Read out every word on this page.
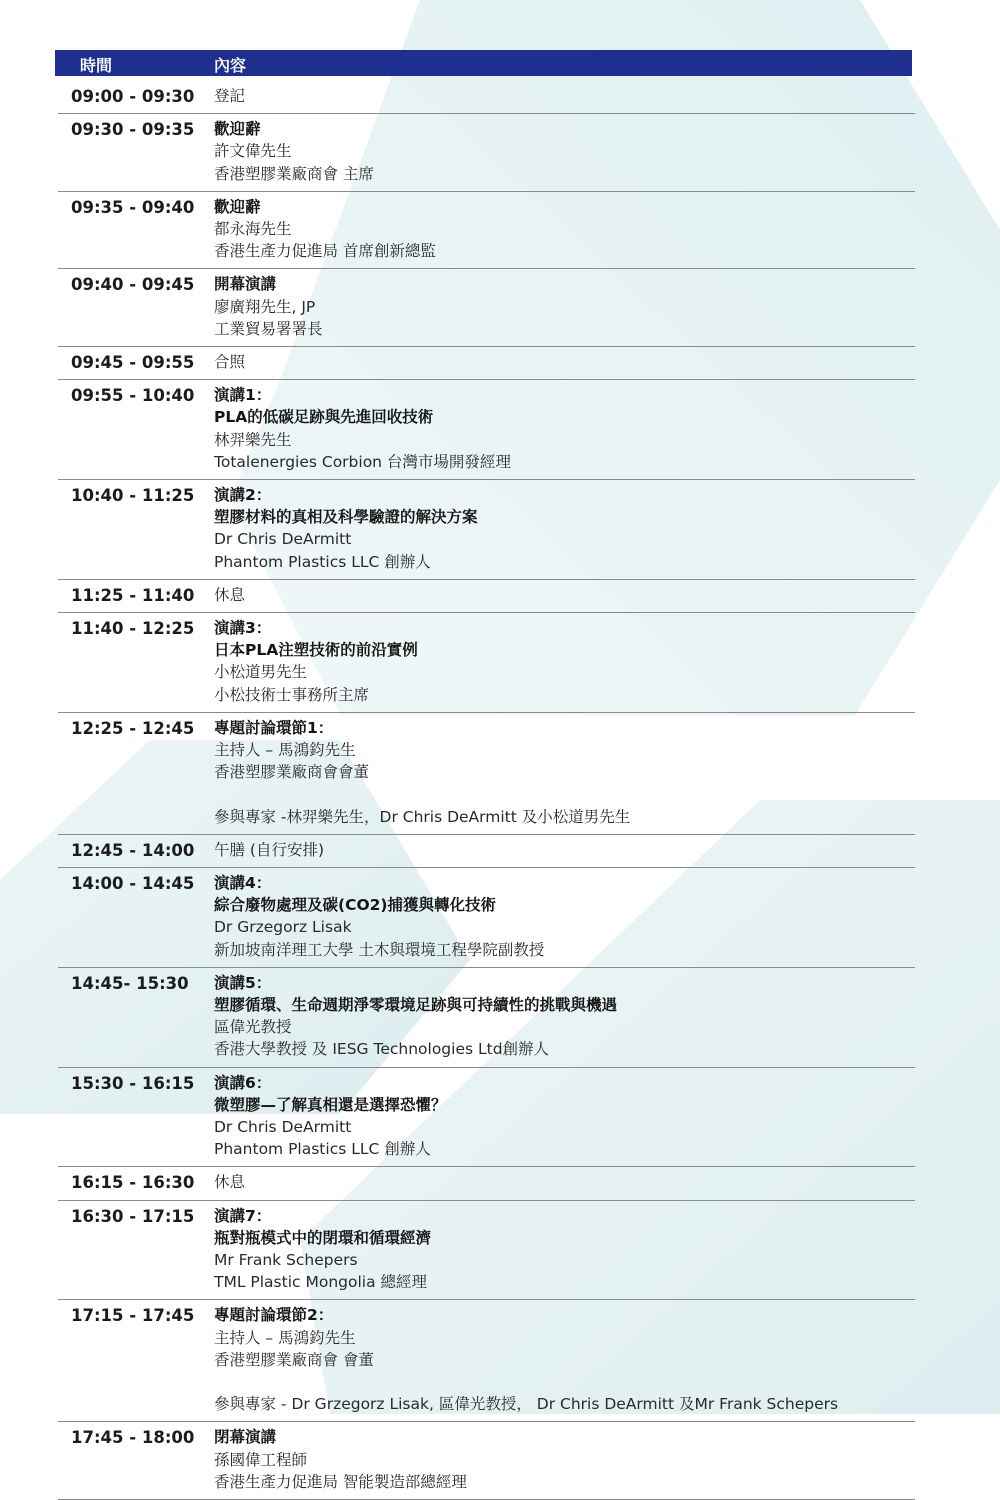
時間	內容
09:00 - 09:30 登記
09:30 - 09:35 歡迎辭
許文偉先生
香港塑膠業廠商會 主席
09:35 - 09:40 歡迎辭
都永海先生
香港生產力促進局 首席創新總監
09:40 - 09:45 開幕演講
廖廣翔先生, JP
工業貿易署署長
09:45 - 09:55 合照
09:55 - 10:40 演講1：
PLA的低碳足跡與先進回收技術
林羿樂先生
Totalenergies Corbion 台灣市場開發經理
10:40 - 11:25 演講2：
塑膠材料的真相及科學驗證的解決方案
Dr Chris DeArmitt
Phantom Plastics LLC 創辦人
11:25 - 11:40 休息
11:40 - 12:25 演講3：
日本PLA注塑技術的前沿實例
小松道男先生
小松技術士事務所主席
12:25 - 12:45 專題討論環節1：
主持人 – 馬鴻鈞先生
香港塑膠業廠商會會董
參與專家 -林羿樂先生，Dr Chris DeArmitt 及小松道男先生
12:45 - 14:00 午膳 (自行安排)
14:00 - 14:45 演講4：
綜合廢物處理及碳(CO2)捕獲與轉化技術
Dr Grzegorz Lisak
新加坡南洋理工大學 土木與環境工程學院副教授
14:45- 15:30 演講5：
塑膠循環、生命週期淨零環境足跡與可持續性的挑戰與機遇
區偉光教授
香港大學教授 及 IESG Technologies Ltd創辦人
15:30 - 16:15 演講6：
微塑膠—了解真相還是選擇恐懼？
Dr Chris DeArmitt
Phantom Plastics LLC 創辦人
16:15 - 16:30 休息
16:30 - 17:15 演講7：
瓶對瓶模式中的閉環和循環經濟
Mr Frank Schepers
TML Plastic Mongolia 總經理
17:15 - 17:45 專題討論環節2：
主持人 – 馬鴻鈞先生
香港塑膠業廠商會 會董
參與專家 - Dr Grzegorz Lisak, 區偉光教授， Dr Chris DeArmitt 及Mr Frank Schepers
17:45 - 18:00 閉幕演講
孫國偉工程師
香港生產力促進局 智能製造部總經理
